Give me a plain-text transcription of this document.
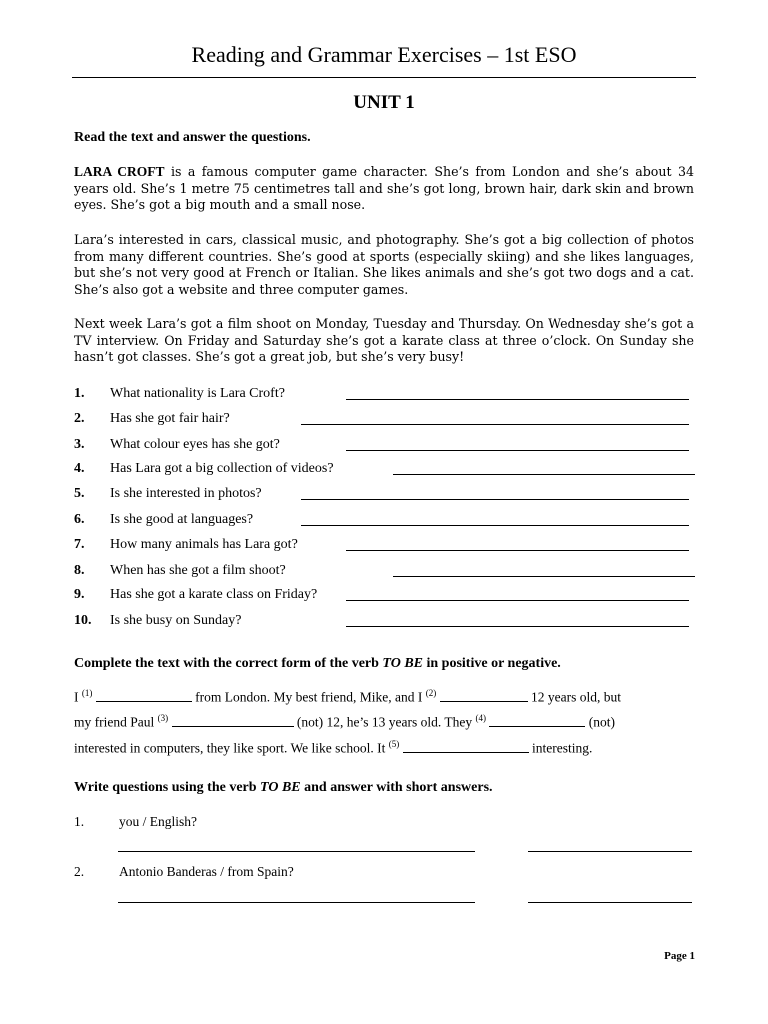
Reading and Grammar Exercises – 1st ESO
UNIT 1
Read the text and answer the questions.
LARA CROFT is a famous computer game character. She’s from London and she’s about 34 years old. She’s 1 metre 75 centimetres tall and she’s got long, brown hair, dark skin and brown eyes. She’s got a big mouth and a small nose.
Lara’s interested in cars, classical music, and photography. She’s got a big collection of photos from many different countries. She’s good at sports (especially skiing) and she likes languages, but she’s not very good at French or Italian. She likes animals and she’s got two dogs and a cat. She’s also got a website and three computer games.
Next week Lara’s got a film shoot on Monday, Tuesday and Thursday. On Wednesday she’s got a TV interview. On Friday and Saturday she’s got a karate class at three o’clock. On Sunday she hasn’t got classes. She’s got a great job, but she’s very busy!
1. What nationality is Lara Croft?
2. Has she got fair hair?
3. What colour eyes has she got?
4. Has Lara got a big collection of videos?
5. Is she interested in photos?
6. Is she good at languages?
7. How many animals has Lara got?
8. When has she got a film shoot?
9. Has she got a karate class on Friday?
10. Is she busy on Sunday?
Complete the text with the correct form of the verb TO BE in positive or negative.
I $^{(1)}$	from London. My best friend, Mike, and I $^{(2)}$	12 years old, but
my friend Paul $^{(3)}$	(not) 12, he’s 13 years old. They $^{(4)}$	(not)
interested in computers, they like sport. We like school. It $^{(5)}$	interesting.
Write questions using the verb TO BE and answer with short answers.
1.	you / English?
2.	Antonio Banderas / from Spain?
Page 1
